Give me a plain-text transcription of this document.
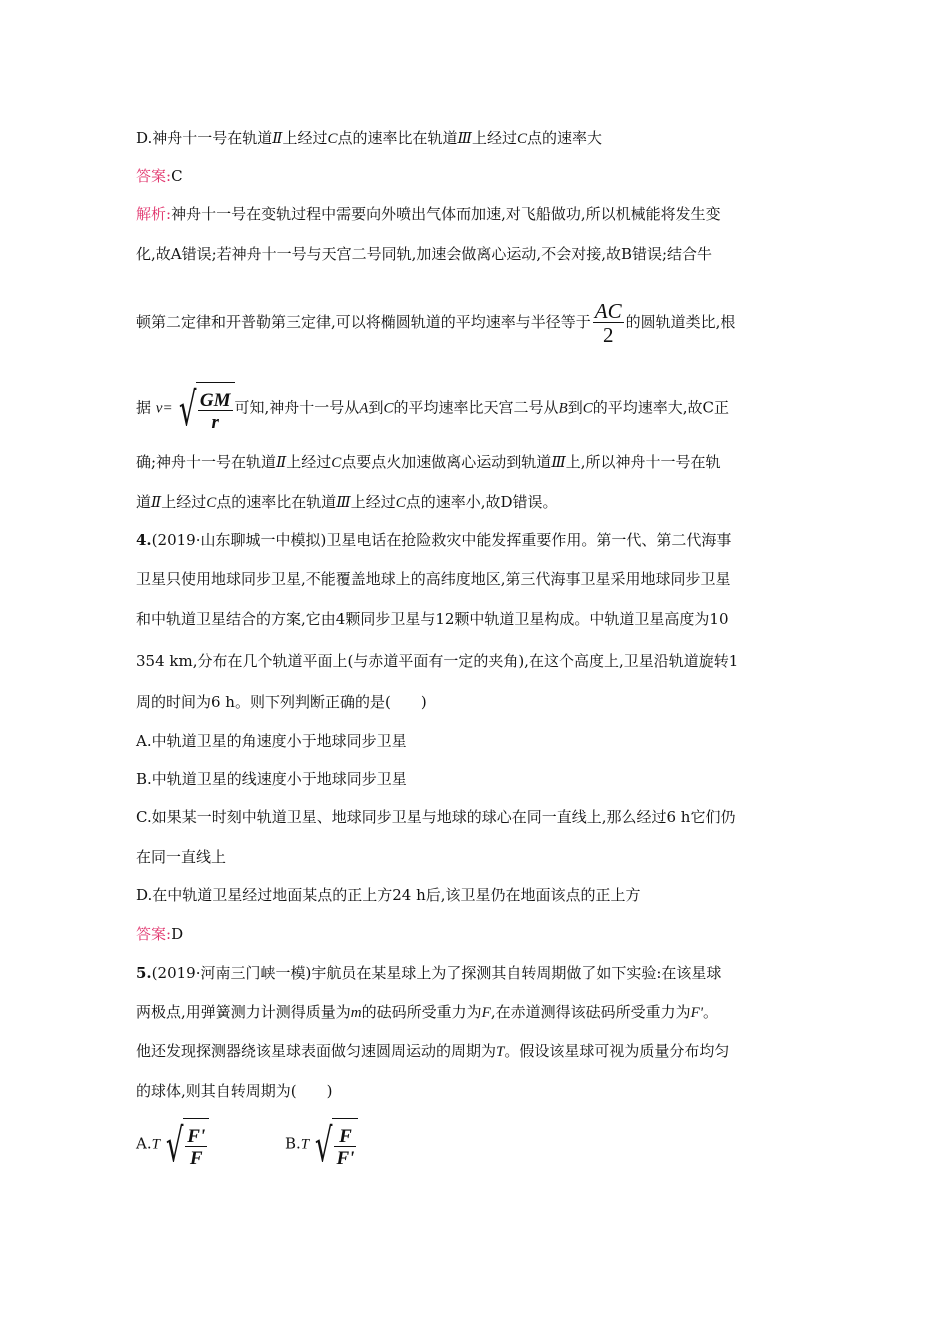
D.神舟十一号在轨道Ⅱ上经过C点的速率比在轨道Ⅲ上经过C点的速率大
答案:C
解析:神舟十一号在变轨过程中需要向外喷出气体而加速,对飞船做功,所以机械能将发生变
化,故A错误;若神舟十一号与天宫二号同轨,加速会做离心运动,不会对接,故B错误;结合牛
顿第二定律和开普勒第三定律,可以将椭圆轨道的平均速率与半径等于 $\frac{AC}{2}$ 的圆轨道类比,根
据 v= √ $\frac{GM}{r}$ 可知,神舟十一号从A到C的平均速率比天宫二号从B到C的平均速率大,故C正
确;神舟十一号在轨道Ⅱ上经过C点要点火加速做离心运动到轨道Ⅲ上,所以神舟十一号在轨
道Ⅱ上经过C点的速率比在轨道Ⅲ上经过C点的速率小,故D错误。
4.(2019·山东聊城一中模拟)卫星电话在抢险救灾中能发挥重要作用。第一代、第二代海事
卫星只使用地球同步卫星,不能覆盖地球上的高纬度地区,第三代海事卫星采用地球同步卫星
和中轨道卫星结合的方案,它由4颗同步卫星与12颗中轨道卫星构成。中轨道卫星高度为10
354 km,分布在几个轨道平面上(与赤道平面有一定的夹角),在这个高度上,卫星沿轨道旋转1
周的时间为6 h。则下列判断正确的是(　　)
A.中轨道卫星的角速度小于地球同步卫星
B.中轨道卫星的线速度小于地球同步卫星
C.如果某一时刻中轨道卫星、地球同步卫星与地球的球心在同一直线上,那么经过6 h它们仍
在同一直线上
D.在中轨道卫星经过地面某点的正上方24 h后,该卫星仍在地面该点的正上方
答案:D
5.(2019·河南三门峡一模)宇航员在某星球上为了探测其自转周期做了如下实验:在该星球
两极点,用弹簧测力计测得质量为m的砝码所受重力为F,在赤道测得该砝码所受重力为F'。
他还发现探测器绕该星球表面做匀速圆周运动的周期为T。假设该星球可视为质量分布均匀
的球体,则其自转周期为(　　)
A.T √ $\frac{F'}{F}$	B.T √ $\frac{F}{F'}$
